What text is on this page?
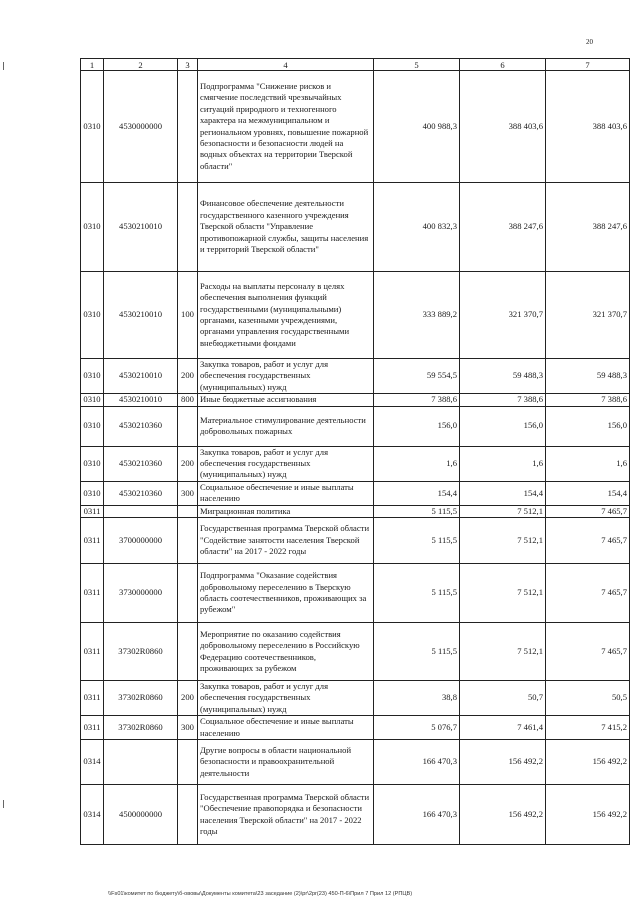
20
1	2	3	4	5	6	7
0310	4530000000		Подпрограмма "Снижение рисков и смягчение последствий чрезвычайных ситуаций природного и техногенного характера на межмуниципальном и региональном уровнях, повышение пожарной безопасности и безопасности людей на водных объектах на территории Тверской области"	400 988,3	388 403,6	388 403,6
0310	4530210010		Финансовое обеспечение деятельности государственного казенного учреждения Тверской области "Управление противопожарной службы, защиты населения и территорий Тверской области"	400 832,3	388 247,6	388 247,6
0310	4530210010	100	Расходы на выплаты персоналу в целях обеспечения выполнения функций государственными (муниципальными) органами, казенными учреждениями, органами управления государственными внебюджетными фондами	333 889,2	321 370,7	321 370,7
0310	4530210010	200	Закупка товаров, работ и услуг для обеспечения государственных (муниципальных) нужд	59 554,5	59 488,3	59 488,3
0310	4530210010	800	Иные бюджетные ассигнования	7 388,6	7 388,6	7 388,6
0310	4530210360		Материальное стимулирование деятельности добровольных пожарных	156,0	156,0	156,0
0310	4530210360	200	Закупка товаров, работ и услуг для обеспечения государственных (муниципальных) нужд	1,6	1,6	1,6
0310	4530210360	300	Социальное обеспечение и иные выплаты населению	154,4	154,4	154,4
0311			Миграционная политика	5 115,5	7 512,1	7 465,7
0311	3700000000		Государственная программа Тверской области "Содействие занятости населения Тверской области" на 2017 - 2022 годы	5 115,5	7 512,1	7 465,7
0311	3730000000		Подпрограмма "Оказание содействия добровольному переселению в Тверскую область соотечественников, проживающих за рубежом"	5 115,5	7 512,1	7 465,7
0311	37302R0860		Мероприятие по оказанию содействия добровольному переселению в Российскую Федерацию соотечественников, проживающих за рубежом	5 115,5	7 512,1	7 465,7
0311	37302R0860	200	Закупка товаров, работ и услуг для обеспечения государственных (муниципальных) нужд	38,8	50,7	50,5
0311	37302R0860	300	Социальное обеспечение и иные выплаты населению	5 076,7	7 461,4	7 415,2
0314			Другие вопросы в области национальной безопасности и правоохранительной деятельности	166 470,3	156 492,2	156 492,2
0314	4500000000		Государственная программа Тверской области "Обеспечение правопорядка и безопасности населения Тверской области" на 2017 - 2022 годы	166 470,3	156 492,2	156 492,2
\\Fs01\комитет по бюджету\б-ововы\Документы комитета\23 заседание (2)\pr\2pr(23) 450-П-6\Прил 7 Прил 12 (РПЦВ)
